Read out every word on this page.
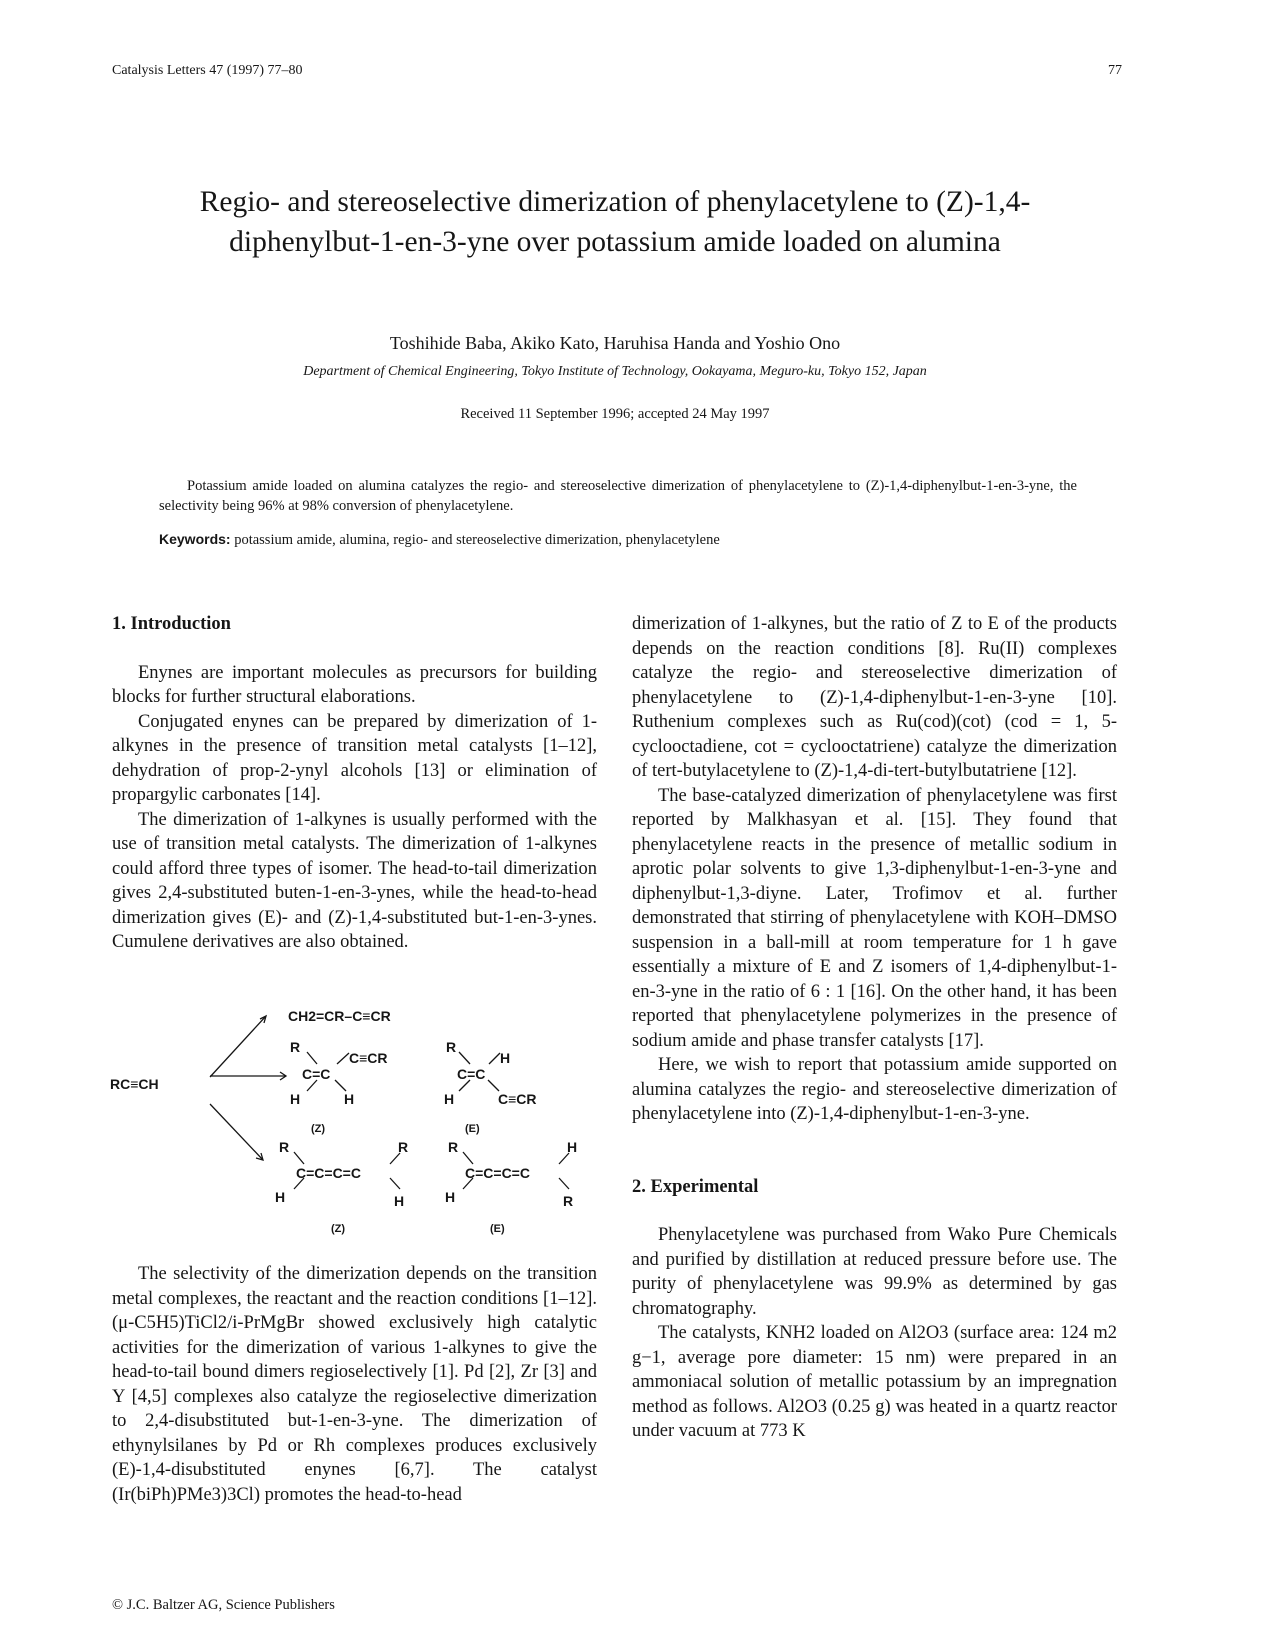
Catalysis Letters 47 (1997) 77–80	77
Regio- and stereoselective dimerization of phenylacetylene to (Z)-1,4-diphenylbut-1-en-3-yne over potassium amide loaded on alumina
Toshihide Baba, Akiko Kato, Haruhisa Handa and Yoshio Ono
Department of Chemical Engineering, Tokyo Institute of Technology, Ookayama, Meguro-ku, Tokyo 152, Japan
Received 11 September 1996; accepted 24 May 1997
Potassium amide loaded on alumina catalyzes the regio- and stereoselective dimerization of phenylacetylene to (Z)-1,4-diphenylbut-1-en-3-yne, the selectivity being 96% at 98% conversion of phenylacetylene.
Keywords: potassium amide, alumina, regio- and stereoselective dimerization, phenylacetylene
1. Introduction

Enynes are important molecules as precursors for building blocks for further structural elaborations.

Conjugated enynes can be prepared by dimerization of 1-alkynes in the presence of transition metal catalysts [1–12], dehydration of prop-2-ynyl alcohols [13] or elimination of propargylic carbonates [14].

The dimerization of 1-alkynes is usually performed with the use of transition metal catalysts. The dimerization of 1-alkynes could afford three types of isomer. The head-to-tail dimerization gives 2,4-substituted buten-1-en-3-ynes, while the head-to-head dimerization gives (E)- and (Z)-1,4-substituted but-1-en-3-ynes. Cumulene derivatives are also obtained.

RC≡CH
CH2=CR–C≡CR
R
C≡CR
C=C
H	H
R
H
C=C
H	C≡CR
R	R
C=C=C=C
H	H
R	H
C=C=C=C
H	R
(Z)	(E)
(Z)	(E)

The selectivity of the dimerization depends on the transition metal complexes, the reactant and the reaction conditions [1–12]. (μ-C5H5)TiCl2/i-PrMgBr showed exclusively high catalytic activities for the dimerization of various 1-alkynes to give the head-to-tail bound dimers regioselectively [1]. Pd [2], Zr [3] and Y [4,5] complexes also catalyze the regioselective dimerization to 2,4-disubstituted but-1-en-3-yne. The dimerization of ethynylsilanes by Pd or Rh complexes produces exclusively (E)-1,4-disubstituted enynes [6,7]. The catalyst (Ir(biPh)PMe3)3Cl) promotes the head-to-head

dimerization of 1-alkynes, but the ratio of Z to E of the products depends on the reaction conditions [8]. Ru(II) complexes catalyze the regio- and stereoselective dimerization of phenylacetylene to (Z)-1,4-diphenylbut-1-en-3-yne [10]. Ruthenium complexes such as Ru(cod)(cot) (cod = 1, 5-cyclooctadiene, cot = cyclooctatriene) catalyze the dimerization of tert-butylacetylene to (Z)-1,4-di-tert-butylbutatriene [12].

The base-catalyzed dimerization of phenylacetylene was first reported by Malkhasyan et al. [15]. They found that phenylacetylene reacts in the presence of metallic sodium in aprotic polar solvents to give 1,3-diphenylbut-1-en-3-yne and diphenylbut-1,3-diyne. Later, Trofimov et al. further demonstrated that stirring of phenylacetylene with KOH–DMSO suspension in a ball-mill at room temperature for 1 h gave essentially a mixture of E and Z isomers of 1,4-diphenylbut-1-en-3-yne in the ratio of 6 : 1 [16]. On the other hand, it has been reported that phenylacetylene polymerizes in the presence of sodium amide and phase transfer catalysts [17].

Here, we wish to report that potassium amide supported on alumina catalyzes the regio- and stereoselective dimerization of phenylacetylene into (Z)-1,4-diphenylbut-1-en-3-yne.

2. Experimental

Phenylacetylene was purchased from Wako Pure Chemicals and purified by distillation at reduced pressure before use. The purity of phenylacetylene was 99.9% as determined by gas chromatography.

The catalysts, KNH2 loaded on Al2O3 (surface area: 124 m2 g−1, average pore diameter: 15 nm) were prepared in an ammoniacal solution of metallic potassium by an impregnation method as follows. Al2O3 (0.25 g) was heated in a quartz reactor under vacuum at 773 K

© J.C. Baltzer AG, Science Publishers
